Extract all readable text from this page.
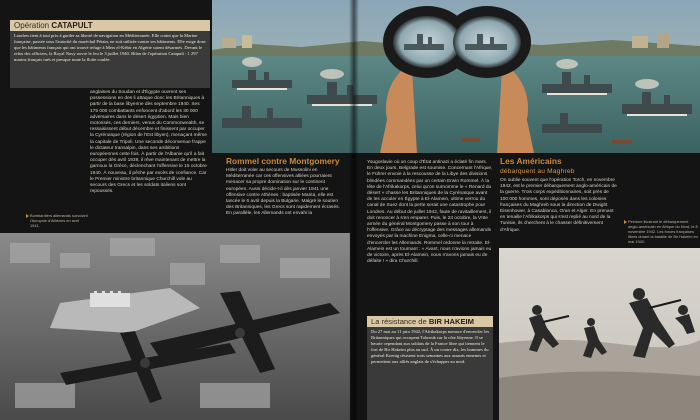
Opération CATAPULT
Londres tient à tout prix à garder sa liberté de navigation en Méditerranée. Elle craint que la Marine française, passée sous l'autorité du maréchal Pétain, ne soit utilisée contre ses bâtiments. Elle exige donc que les bâtiments français qui ont trouvé refuge à Mers el-Kébir en Algérie soient désarmés. Devant le refus des officiers, la Royal Navy ouvre le feu le 3 juillet 1940. Bilan de l'opération Catapult : 1 297 marins français tués et presque toute la flotte coulée.
anglaises du Soudan et d'Égypte ouvrent ses possessions en des li attaque donc les Britanniques à partir de la base libyenne dès septembre 1940. Ses 175 000 combattants enfoncent d'abord les 30 000 adversaires dans le désert égyptien. Mais bien motorisés, ces derniers, venus du Commonwealth, se ressaisissent début décembre et finissent par occuper la Cyrénaïque (région de l'Est libyen), menaçant même la capitale de Tripoli. Une seconde déconvenue frappe le dictateur transalpin, dans ses ambitions européennes cette fois. À partir de l'Albanie qu'il a fait occuper dès avril 1939, il rêve maintenant de mettre la garnoux la Grèce, déclenchant l'offensive le 15 octobre 1940. À nouveau, il pêche par excès de confiance. Car le Premier ministre britannique Churchill vole au secours des Grecs et les soldats italiens sont repoussés.
Bombardiers allemands survolant l'Acropole d'Athènes en avril 1941.
Rommel contre Montgomery
Hitler doit voler au secours de Mussolini en Méditerranée car ces offensives alliées pourraient menacer sa propre domination sur le continent européen. Aussi décide-t-il dès janvier 1941 une offensive contre Athènes : baptisée Marita, elle est lancée le 6 avril depuis la Bulgarie. Malgré le soutien des Britanniques, les Grecs sont rapidement écrasés. En parallèle, les Allemands ont envahi la
Yougoslavie où un coup d'État antinazi a éclaté fin mars. En deux jours, Belgrade est soumise. Concernant l'Afrique, le Führer envoie à la rescousse de la Libye des divisions blindées commandées par un certain Erwin Rommel. À la tête de l'Afrikakorps, celui qu'on surnomme le « Renard du désert » chasse les Britanniques de la Cyrénaïque avant de les acculer en Égypte à El-Alamein, ultime verrou du canal de Suez dont la perte serait une catastrophe pour Londres. Au début de juillet 1942, faute de ravitaillement, il doit renoncer à s'en emparer. Puis, le 23 octobre, la VIIIe armée du général Montgomery passe à son tour à l'offensive. Grâce au décryptage des messages allemands envoyés par la machine Enigma, celle-ci menace d'encercler les Allemands. Rommel ordonne la retraite. El-Alamein est un tournant : « Avant, nous n'avions jamais eu de victoire, après El-Alamein, nous n'avons jamais eu de défaite ! » dira Churchill.
Les Américains
débarquent au Maghreb
On oublie souvent que l'opération Torch, en novembre 1942, est le premier débarquement anglo-américain de la guerre. Trois corps expéditionnaires, soit près de 100 000 hommes, sont déposés dans les colonies françaises du Maghreb sous la direction de Dwight Eisenhower, à Casablanca, Oran et Alger. En prenant en tenaille l'Afrikakorps qui s'est replié au nord de la Tunisie, ils cherchent à le chasser définitivement d'Afrique.
Peinture illustrant le débarquement anglo-américain en Afrique du Nord, le 8 novembre 1942. Les forces françaises libres durant la bataille de Bir Hakeim en mai 1942.
La résistance de BIR HAKEIM
Du 27 mai au 11 juin 1942, l'Afrikakorps menace d'encercler les Britanniques qui occupent Tobrouk sur la côte libyenne. Il se heurte cependant aux soldats de la France libre qui tiennent le fort de Bir Hakeim plus au sud. À un contre dix, les hommes du général Koenig résistent trois semaines aux assauts ennemis et permettent aux alliés anglais de s'échapper au nord.
